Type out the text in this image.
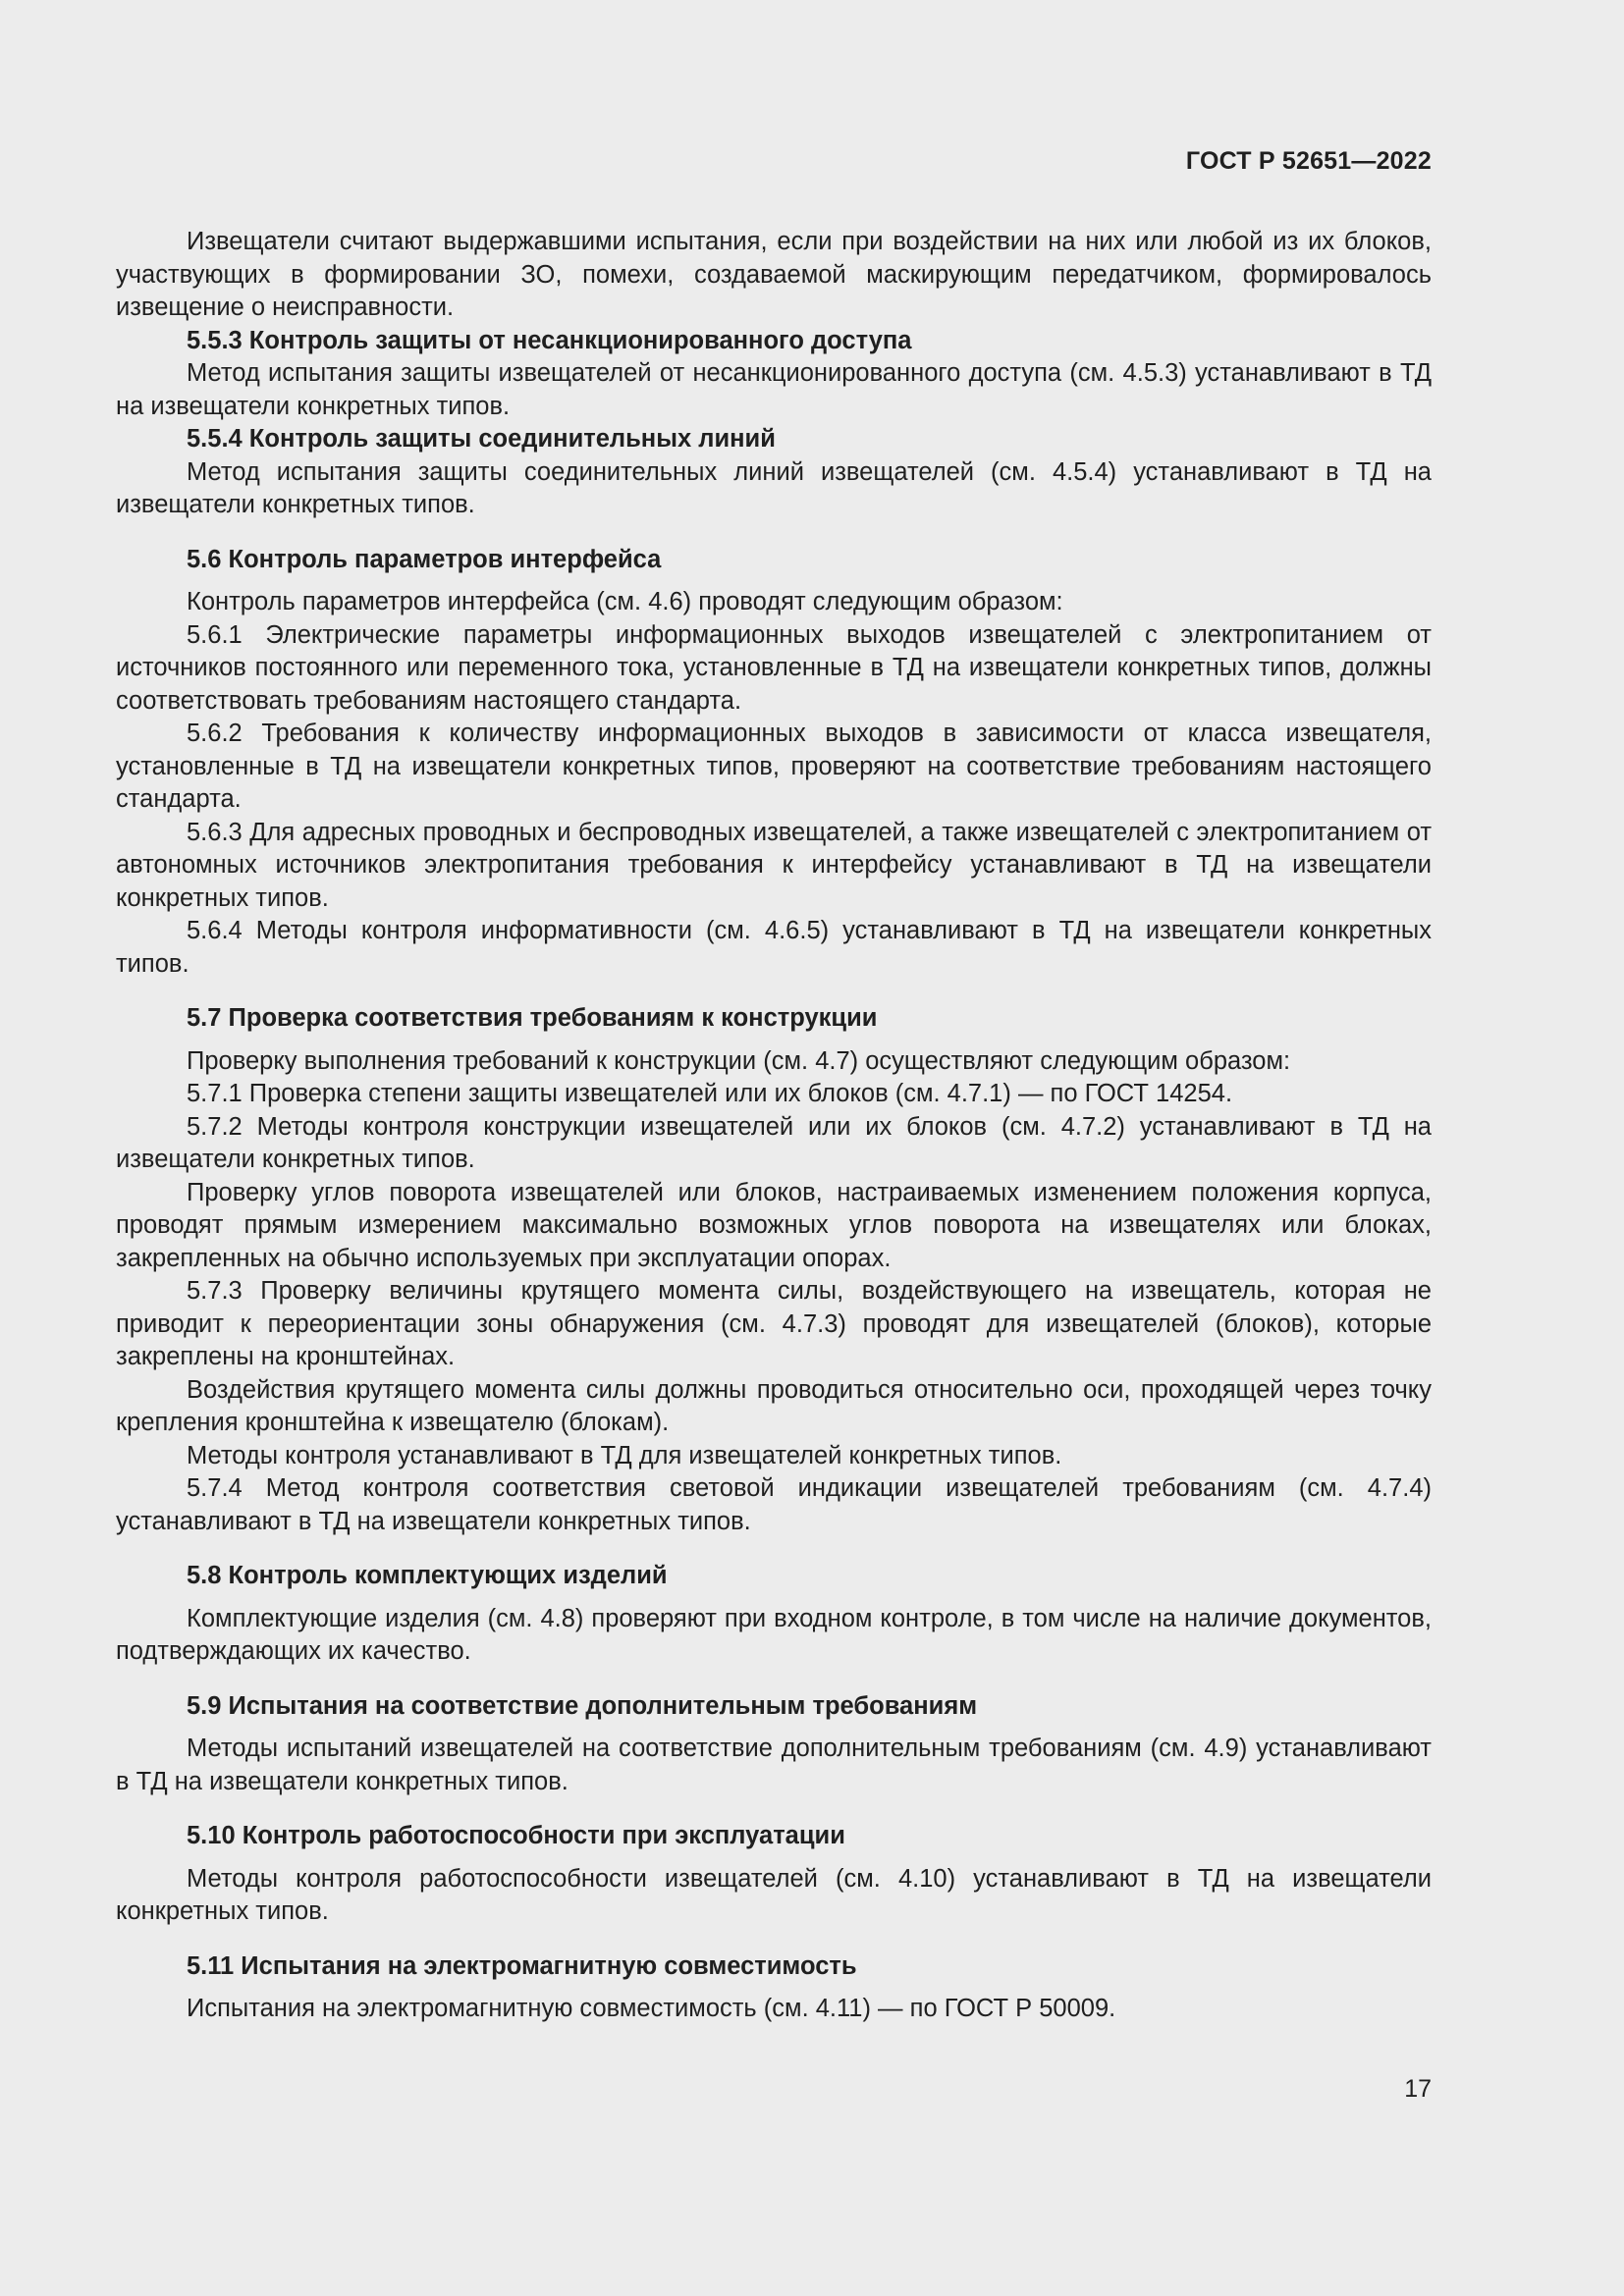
ГОСТ Р 52651—2022

Извещатели считают выдержавшими испытания, если при воздействии на них или любой из их блоков, участвующих в формировании ЗО, помехи, создаваемой маскирующим передатчиком, формировалось извещение о неисправности.

5.5.3 Контроль защиты от несанкционированного доступа

Метод испытания защиты извещателей от несанкционированного доступа (см. 4.5.3) устанавливают в ТД на извещатели конкретных типов.

5.5.4 Контроль защиты соединительных линий

Метод испытания защиты соединительных линий извещателей (см. 4.5.4) устанавливают в ТД на извещатели конкретных типов.

5.6 Контроль параметров интерфейса

Контроль параметров интерфейса (см. 4.6) проводят следующим образом:

5.6.1 Электрические параметры информационных выходов извещателей с электропитанием от источников постоянного или переменного тока, установленные в ТД на извещатели конкретных типов, должны соответствовать требованиям настоящего стандарта.

5.6.2 Требования к количеству информационных выходов в зависимости от класса извещателя, установленные в ТД на извещатели конкретных типов, проверяют на соответствие требованиям настоящего стандарта.

5.6.3 Для адресных проводных и беспроводных извещателей, а также извещателей с электропитанием от автономных источников электропитания требования к интерфейсу устанавливают в ТД на извещатели конкретных типов.

5.6.4 Методы контроля информативности (см. 4.6.5) устанавливают в ТД на извещатели конкретных типов.

5.7 Проверка соответствия требованиям к конструкции

Проверку выполнения требований к конструкции (см. 4.7) осуществляют следующим образом:

5.7.1 Проверка степени защиты извещателей или их блоков (см. 4.7.1) — по ГОСТ 14254.

5.7.2 Методы контроля конструкции извещателей или их блоков (см. 4.7.2) устанавливают в ТД на извещатели конкретных типов.

Проверку углов поворота извещателей или блоков, настраиваемых изменением положения корпуса, проводят прямым измерением максимально возможных углов поворота на извещателях или блоках, закрепленных на обычно используемых при эксплуатации опорах.

5.7.3 Проверку величины крутящего момента силы, воздействующего на извещатель, которая не приводит к переориентации зоны обнаружения (см. 4.7.3) проводят для извещателей (блоков), которые закреплены на кронштейнах.

Воздействия крутящего момента силы должны проводиться относительно оси, проходящей через точку крепления кронштейна к извещателю (блокам).

Методы контроля устанавливают в ТД для извещателей конкретных типов.

5.7.4 Метод контроля соответствия световой индикации извещателей требованиям (см. 4.7.4) устанавливают в ТД на извещатели конкретных типов.

5.8 Контроль комплектующих изделий

Комплектующие изделия (см. 4.8) проверяют при входном контроле, в том числе на наличие документов, подтверждающих их качество.

5.9 Испытания на соответствие дополнительным требованиям

Методы испытаний извещателей на соответствие дополнительным требованиям (см. 4.9) устанавливают в ТД на извещатели конкретных типов.

5.10 Контроль работоспособности при эксплуатации

Методы контроля работоспособности извещателей (см. 4.10) устанавливают в ТД на извещатели конкретных типов.

5.11 Испытания на электромагнитную совместимость

Испытания на электромагнитную совместимость (см. 4.11) — по ГОСТ Р 50009.

17
